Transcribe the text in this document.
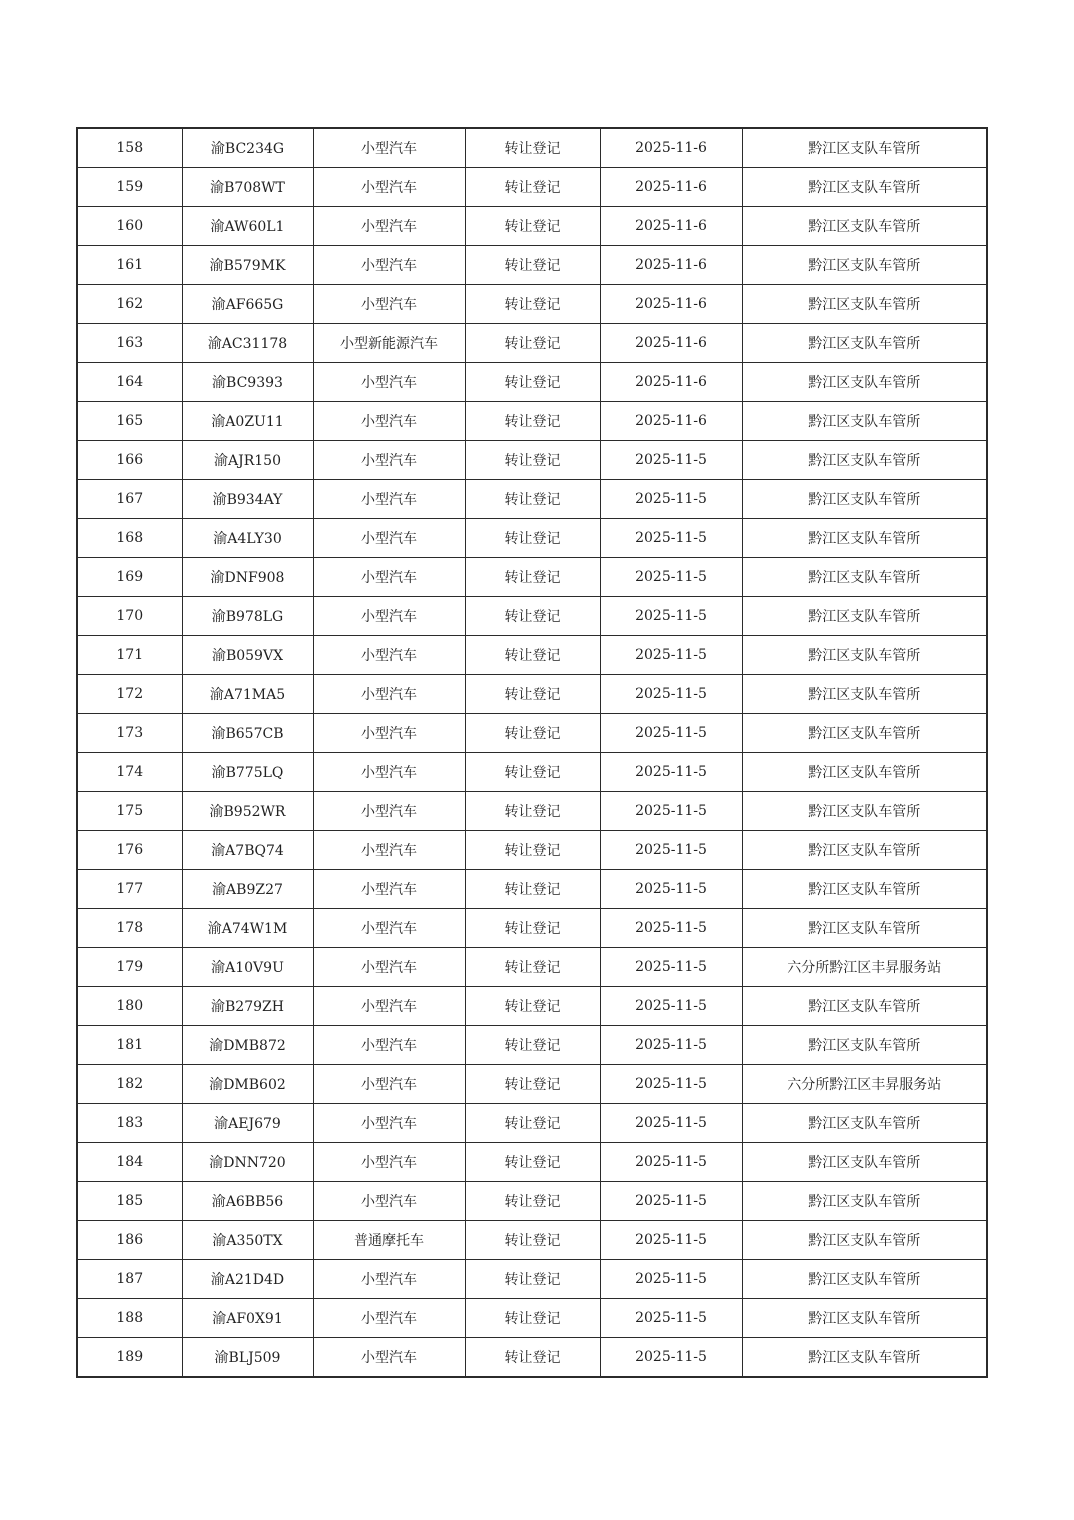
158	渝BC234G	小型汽车	转让登记	2025-11-6	黔江区支队车管所
159	渝B708WT	小型汽车	转让登记	2025-11-6	黔江区支队车管所
160	渝AW60L1	小型汽车	转让登记	2025-11-6	黔江区支队车管所
161	渝B579MK	小型汽车	转让登记	2025-11-6	黔江区支队车管所
162	渝AF665G	小型汽车	转让登记	2025-11-6	黔江区支队车管所
163	渝AC31178	小型新能源汽车	转让登记	2025-11-6	黔江区支队车管所
164	渝BC9393	小型汽车	转让登记	2025-11-6	黔江区支队车管所
165	渝A0ZU11	小型汽车	转让登记	2025-11-6	黔江区支队车管所
166	渝AJR150	小型汽车	转让登记	2025-11-5	黔江区支队车管所
167	渝B934AY	小型汽车	转让登记	2025-11-5	黔江区支队车管所
168	渝A4LY30	小型汽车	转让登记	2025-11-5	黔江区支队车管所
169	渝DNF908	小型汽车	转让登记	2025-11-5	黔江区支队车管所
170	渝B978LG	小型汽车	转让登记	2025-11-5	黔江区支队车管所
171	渝B059VX	小型汽车	转让登记	2025-11-5	黔江区支队车管所
172	渝A71MA5	小型汽车	转让登记	2025-11-5	黔江区支队车管所
173	渝B657CB	小型汽车	转让登记	2025-11-5	黔江区支队车管所
174	渝B775LQ	小型汽车	转让登记	2025-11-5	黔江区支队车管所
175	渝B952WR	小型汽车	转让登记	2025-11-5	黔江区支队车管所
176	渝A7BQ74	小型汽车	转让登记	2025-11-5	黔江区支队车管所
177	渝AB9Z27	小型汽车	转让登记	2025-11-5	黔江区支队车管所
178	渝A74W1M	小型汽车	转让登记	2025-11-5	黔江区支队车管所
179	渝A10V9U	小型汽车	转让登记	2025-11-5	六分所黔江区丰昇服务站
180	渝B279ZH	小型汽车	转让登记	2025-11-5	黔江区支队车管所
181	渝DMB872	小型汽车	转让登记	2025-11-5	黔江区支队车管所
182	渝DMB602	小型汽车	转让登记	2025-11-5	六分所黔江区丰昇服务站
183	渝AEJ679	小型汽车	转让登记	2025-11-5	黔江区支队车管所
184	渝DNN720	小型汽车	转让登记	2025-11-5	黔江区支队车管所
185	渝A6BB56	小型汽车	转让登记	2025-11-5	黔江区支队车管所
186	渝A350TX	普通摩托车	转让登记	2025-11-5	黔江区支队车管所
187	渝A21D4D	小型汽车	转让登记	2025-11-5	黔江区支队车管所
188	渝AF0X91	小型汽车	转让登记	2025-11-5	黔江区支队车管所
189	渝BLJ509	小型汽车	转让登记	2025-11-5	黔江区支队车管所
